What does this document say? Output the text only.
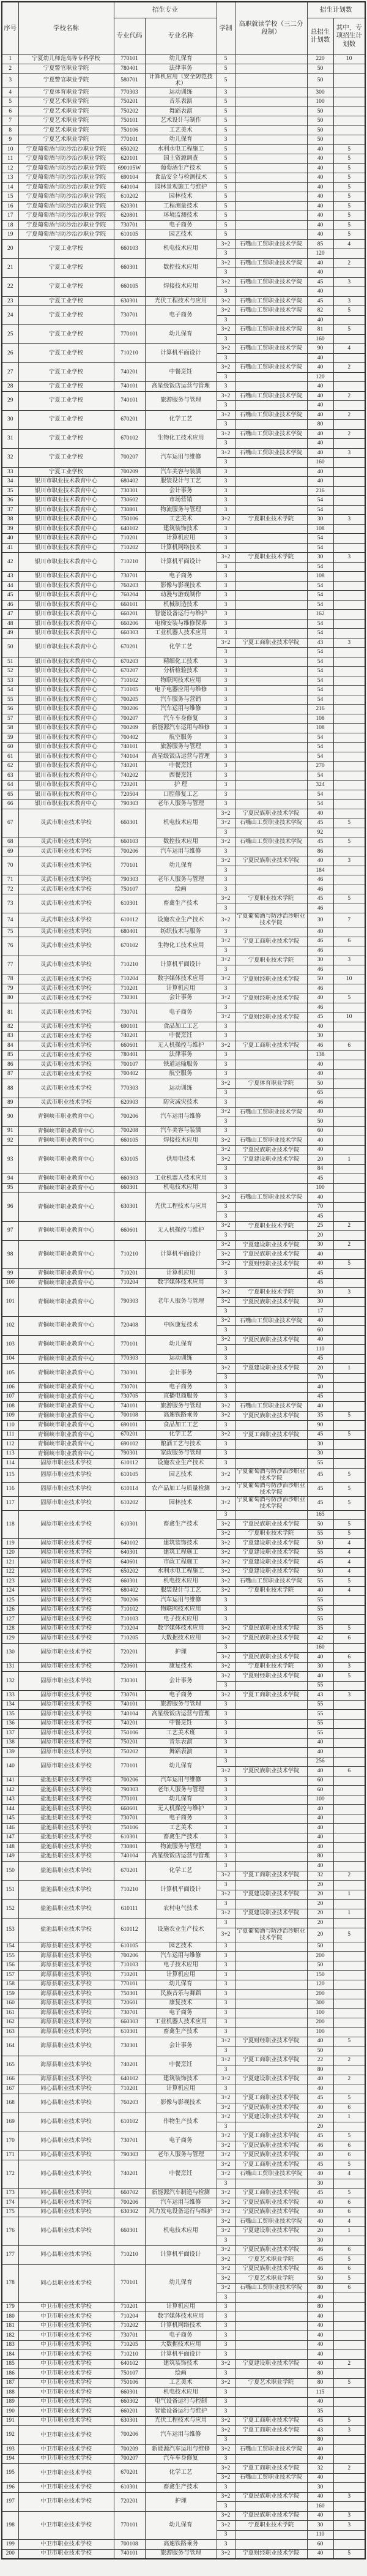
序号	学校名称	招生专业		学制	高职就读学校（三二分段制）	招生计划数	
		专业代码	专业名称			总招生计划数	其中，专项招生计划数
1	宁夏幼儿师范高等专科学校	770101	幼儿保育	5		220	10
2	宁夏警官职业学院	780401	法律事务	5		50	
3	宁夏警官职业学院	580701	计算机应用（安全防范技术）	5		50	
4	宁夏体育职业学院	770303	运动训练	3		300	
5	宁夏艺术职业学院	750201	音乐表演	5		100	
6	宁夏艺术职业学院	750202	舞蹈表演	5		50	
7	宁夏艺术职业学院	750101	艺术设计与制作	5		50	
8	宁夏艺术职业学院	750106	工艺美术	5		50	
9	宁夏艺术职业学院	770101	幼儿保育	3		50	
10	宁夏葡萄酒与防沙治沙职业学院	650202	水利水电工程施工	5		40	5
11	宁夏葡萄酒与防沙治沙职业学院	620101	国土资源调查	5		40	5
12	宁夏葡萄酒与防沙治沙职业学院	690105W	葡萄酒生产技术	5		40	5
13	宁夏葡萄酒与防沙治沙职业学院	690104	食品安全与检测技术	5		40	5
14	宁夏葡萄酒与防沙治沙职业学院	640104	园林景观施工与维护	5		40	5
15	宁夏葡萄酒与防沙治沙职业学院	610202	园林技术	5		40	5
16	宁夏葡萄酒与防沙治沙职业学院	620301	工程测量技术	5		40	5
17	宁夏葡萄酒与防沙治沙职业学院	620801	环境监测技术	5		40	5
18	宁夏葡萄酒与防沙治沙职业学院	730701	电子商务	5		40	5
19	宁夏葡萄酒与防沙治沙职业学院	610105	园艺技术	5		40	5
20	宁夏工业学校	660103	机电技术应用	3+2	石嘴山工贸职业技术学院	85	4
				3		120	
21	宁夏工业学校	660301	数控技术应用	3+2	石嘴山工贸职业技术学院	40	2
				3		40	
22	宁夏工业学校	660105	焊接技术应用	3+2	石嘴山工贸职业技术学院	45	3
				3		40	
23	宁夏工业学校	630301	光伏工程技术与应用	3+2	石嘴山工贸职业技术学院	45	3
24	宁夏工业学校	730701	电子商务	3+2	石嘴山工贸职业技术学院	82	5
				3		40	
25	宁夏工业学校	770101	幼儿保育	3+2	石嘴山工贸职业技术学院	81	5
				3		160	
26	宁夏工业学校	710210	计算机平面设计	3+2	石嘴山工贸职业技术学院	90	4
				3		40	
27	宁夏工业学校	740201	中餐烹饪	3+2	石嘴山工贸职业技术学院	40	2
				3		120	
28	宁夏工业学校	740101	高星级饭店运营与管理	3		40	
29	宁夏工业学校	740101	旅游服务与管理	3+2	石嘴山工贸职业技术学院	40	2
				3		40	
30	宁夏工业学校	670201	化学工艺	3+2	石嘴山工贸职业技术学院	40	2
				3		80	
31	宁夏工业学校	670102	生物化工技术应用	3+2	石嘴山工贸职业技术学院	40	2
				3		40	
32	宁夏工业学校	700207	汽车运用与维修	3+2	石嘴山工贸职业技术学院	40	3
				3		160	
33	宁夏工业学校	700209	汽车美容与装潢	3		40	
34	银川市职业技术教育中心	680402	服装设计与工艺	3		40	
35	银川市职业技术教育中心	730301	会计事务	3		216	
36	银川市职业技术教育中心	730602	市场营销	3		54	
37	银川市职业技术教育中心	730801	物流服务与管理	3		54	
38	银川市职业技术教育中心	750106	工艺美术	3+2	宁夏职业技术学院	30	3
39	银川市职业技术教育中心	640102	建筑装饰技术	3		108	
40	银川市职业技术教育中心	710201	计算机应用	3		54	
41	银川市职业技术教育中心	710202	计算机网络技术	3		54	
42	银川市职业技术教育中心	710210	计算机平面设计	3+2	宁夏职业技术学院	30	3
				3		54	
43	银川市职业技术教育中心	730701	电子商务	3		108	
44	银川市职业技术教育中心	760203	影像与影视技术	3		54	
45	银川市职业技术教育中心	760204	动漫与游戏制作	3		54	
46	银川市职业技术教育中心	660101	机械制造技术	3		54	
47	银川市职业技术教育中心	660201	智能设备运行与维护	3		162	
48	银川市职业技术教育中心	660206	电梯安装与维修保养	3		54	
49	银川市职业技术教育中心	660303	工业机器人技术应用	3		54	
50	银川市职业技术教育中心	670201	化学工艺	3+2	宁夏工商职业技术学院	43	3
				3		54	
51	银川市职业技术教育中心	670203	精细化工技术	3		54	
52	银川市职业技术教育中心	670207	分析检验技术	3		54	
53	银川市职业技术教育中心	710102	物联网技术应用	3		54	
54	银川市职业技术教育中心	710105	电子电器应用与维修	3		54	
55	银川市职业技术教育中心	700205	汽车服务与营销	3		54	
56	银川市职业技术教育中心	700206	汽车运用与维修	3		216	
57	银川市职业技术教育中心	700207	汽车车身修复	3		108	
58	银川市职业技术教育中心	700209	新能源汽车运用与维修	3		108	
59	银川市职业技术教育中心	700402	航空服务	3		54	
60	银川市职业技术教育中心	740101	旅游服务与管理	3		54	
61	银川市职业技术教育中心	740104	高星级饭店运营与管理	3		54	
62	银川市职业技术教育中心	740201	中餐烹饪	3		270	
63	银川市职业技术教育中心	740202	西餐烹饪	3		54	
64	银川市职业技术教育中心	720201	护 理	3		324	
65	银川市职业技术教育中心	720504	口腔修复工艺	3		54	
66	银川市职业技术教育中心	790303	老年人服务与管理	3		54	
67	灵武市职业技术学校	660301	机电技术应用	3+2	宁夏民族职业技术学院	40	
				3+2	石嘴山工贸职业技术学院	45	5
				3		92	
68	灵武市职业技术学校	660103	数控技术应用	3+2	石嘴山工贸职业技术学院	45	5
69	灵武市职业技术学校	700206	汽车运用与维修	3		86	
70	灵武市职业技术学校	770101	幼儿保育	3+2	宁夏民族职业技术学院	40	3
				3		184	
71	灵武市职业技术学校	790303	老年人服务与管理	3		46	
72	灵武市职业技术学校	750107	绘画	3		46	
73	灵武市职业技术学校	610301	畜禽生产技术	3+2	宁夏职业技术学院	45	5
				3		46	
74	灵武市职业技术学校	610112	设施农业生产技术	3+2	宁夏葡萄酒与防沙治沙职业技术学院	30	7
75	灵武市职业技术学校	680401	纺织技术与服务	3		40	
76	灵武市职业技术学校	670102	生物化工技术应用	3+2	宁夏工商职业技术学院	46	6
				3		46	
77	灵武市职业技术学校	710210	计算机平面设计	3+2	宁夏职业技术学院	30	3
				3		46	
78	灵武市职业技术学校	710204	数字媒体技术应用	3+2	宁夏财经职业技术学院	50	10
79	灵武市职业技术学校	710201	计算机应用	3		46	
80	灵武市职业技术学校	730301	会计事务	3+2	宁夏财经职业技术学院	40	5
81	灵武市职业技术学校	730701	电子商务	3		46	
				3+2	宁夏财经职业技术学院	45	10
82	灵武市职业技术学校	690101	食品加工工艺	3		40	
83	灵武市职业技术学校	740201	中餐烹饪	3		30	
84	灵武市职业技术学校	660601	无人机操控与维护	3+2	宁夏工商职业技术学院	46	6
85	灵武市职业技术学校	780401	法律事务	3		138	
86	灵武市职业技术学校	700107	铁道运输服务	3		40	
87	灵武市职业技术学校	700402	航空服务	3		40	
88	灵武市职业技术学校	770303	运动训练	3+2	宁夏体育职业学院	50	
				3		65	
89	灵武市职业技术学校	620903	防灾减灾技术	3		46	
90	青铜峡市职业教育中心	700206	汽车运用与维修	3+2	石嘴山工贸职业技术学院	40	
				3		50	
91	青铜峡市职业教育中心	700208	汽车美容与装潢	3		60	
92	青铜峡市职业教育中心	660105	焊接技术应用	3+2	石嘴山工贸职业技术学院	40	
93	青铜峡市职业教育中心	630105	供用电技术	3+2	宁夏民族职业技术学院	40	
				3+2	宁夏建设职业技术学院	20	1
				3		84	
94	青铜峡市职业教育中心	660303	工业机器人技术应用	3		45	
95	青铜峡市职业教育中心	660301	机电技术应用	3		100	
96	青铜峡市职业教育中心	630301	光伏工程技术与应用	3+2	石嘴山工贸职业技术学院	40	
				3		70	
				3		45	
97	青铜峡市职业教育中心	660601	无人机操控与维护	3+2	宁夏职业技术学院	25	2
				3		20	
98	青铜峡市职业教育中心	710210	计算机平面设计	3+2	宁夏建设职业技术学院	30	2
				3+2	宁夏民族职业技术学院	40	
				3+2	宁夏财经职业技术学院	40	5
99	青铜峡市职业教育中心	710201	计算机应用	3		45	
100	青铜峡市职业教育中心	710204	数字媒体技术应用	3		45	
101	青铜峡市职业教育中心	790303	老年人服务与管理	3+2	宁夏职业技术学院	30	3
				3+2	宁夏民族职业技术学院	30	
				3		17	
102	青铜峡市职业教育中心	720408	中医康复技术	3+2	石嘴山工贸职业技术学院	40	
				3		60	
103	青铜峡市职业教育中心	770101	幼儿保育	3+2	宁夏民族职业技术学院	40	
				3		110	
104	青铜峡市职业教育中心	770303	运动训练	3		45	
105	青铜峡市职业教育中心	730301	会计事务	3+2	宁夏建设职业技术学院	20	1
				3		70	
106	青铜峡市职业教育中心	730701	电子商务	3		40	
107	青铜峡市职业教育中心	730705	直播电商服务	3		45	
108	青铜峡市职业教育中心	740101	旅游服务与管理	3+2	石嘴山工贸职业技术学院	40	
109	青铜峡市职业教育中心	700108	高速铁路乘务	3+2	宁夏民族职业技术学院	35	5
110	青铜峡市职业教育中心	690101	食品加工工艺	3		90	
111	青铜峡市职业教育中心	670201	化学工艺	3+2	宁夏工商职业技术学院	45	5
112	青铜峡市职业教育中心	690102	酿酒工艺与技术	3		30	
113	青铜峡市职业教育中心	790301	家政服务与管理	3		30	
114	固原市职业技术学校	610112	设施农业生产技术	3		55	
115	固原市职业技术学校	610105	园艺技术	3+2	宁夏葡萄酒与防沙治沙职业技术学院	45	5
116	固原市职业技术学校	610114	农产品加工与质量检测	3+2	宁夏葡萄酒与防沙治沙职业技术学院	45	5
117	固原市职业技术学校	610202	园林技术	3+2	宁夏葡萄酒与防沙治沙职业技术学院	45	5
118	固原市职业技术学校	610301	畜禽生产技术	3		165	
				3+2	宁夏民族职业技术学院	50	5
				3+2	宁夏职业技术学院	55	5
119	固原市职业技术学校	640102	建筑装饰技术	3+2	宁夏建设职业技术学院	50	4
120	固原市职业技术学校	640301	建筑工程施工	3+2	宁夏建设职业技术学院	55	4
121	固原市职业技术学校	640601	市政工程施工	3+2	宁夏建设职业技术学院	45	4
122	固原市职业技术学校	650202	水利水电工程施工	3+2	宁夏建设职业技术学院	50	4
123	固原市职业技术学校	660301	机电技术应用	3+2	石嘴山工贸职业技术学院	55	5
124	固原市职业技术学校	680402	服装设计与工艺	3+2	宁夏职业技术学院	40	4
125	固原市职业技术学校	700206	汽车运用与维修	3		55	
126	固原市职业技术学校	710102	物联网技术应用	3		55	
127	固原市职业技术学校	710103	电子技术应用	3		55	
128	固原市职业技术学校	710204	数字媒体技术应用	3+2	宁夏民族职业技术学院	35	5
129	固原市职业技术学校	710205	大数据技术应用	3+2	宁夏民族职业技术学院	42	6
130	固原市职业技术学校	720201	护理	3		160	
				3+2	宁夏民族职业技术学院	40	6
131	固原市职业技术学校	720601	康复技术	3+2	宁夏职业技术学院	30	3
132	固原市职业技术学校	730301	会计事务	3+2	宁夏财经职业技术学院	40	5
				3		55	
133	固原市职业技术学校	730701	电子商务	3+2	宁夏工商职业技术学院	43	3
134	固原市职业技术学校	740101	旅游服务与管理	3		55	
135	固原市职业技术学校	740104	高星级饭店运营与管理	3		55	
136	固原市职业技术学校	740201	中餐烹饪	3		55	
137	固原市职业技术学校	750106	工艺美术班	3		55	
138	固原市职业技术学校	750201	音乐表演	3		40	
139	固原市职业技术学校	750202	舞蹈表演	3		40	
140	固原市职业技术学校	770101	幼儿保育	3		256	
				3+2	宁夏民族职业技术学院	40	6
141	盐池县职业技术学校	700206	汽车运用与维修	3		60	
142	盐池县职业技术学校	790303	老年人服务与管理	3		60	
143	盐池县职业技术学校	770101	幼儿保育	3		100	
144	盐池县职业技术学校	660601	无人机操控与维护	3		40	
145	盐池县职业技术学校	730701	电子商务	3		40	
146	盐池县职业技术学校	750106	工艺美术	3		40	
147	盐池县职业技术学校	610301	畜禽生产技术	3		40	
148	盐池县职业技术学校	730801	物流服务与管理	3		40	
149	盐池县职业技术学校	740104	高星级饭店运营与管理	3		80	
150	盐池县职业技术学校	670201	化学工艺	3		40	
				3+2	宁夏工商职业技术学院	32	2
151	盐池县职业技术学校	710210	计算机平面设计	3		20	
				3+2	宁夏建设职业技术学院	20	1
152	盐池县职业技术学校	610111	农村电气技术	3		20	
				3+2	宁夏建设职业技术学院	20	1
153	盐池县职业技术学校	610112	设施农业生产技术	3		20	
				3+2	宁夏葡萄酒与防沙治沙职业技术学院	20	5
154	海原县职业技术学校	610105	园艺技术	3		50	
155	海原县职业技术学校	700206	汽车运用与维修	3		200	
156	海原县职业技术学校	710103	电子技术应用	3		50	
157	海原县职业技术学校	710201	计算机应用	3		150	
158	海原县职业技术学校	770101	幼儿保育	3		120	
159	海原县职业技术学校	750301	民族音乐与舞蹈	3		200	
160	海原县职业技术学校	720601	康复技术	3		300	
161	海原县职业技术学校	730701	电子商务	3		100	
162	海原县职业技术学校	660303	工业机器人技术应用	3		200	
163	海原县职业技术学校	610301	畜禽生产技术	3		100	
164	海原县职业技术学校	730301	会计事务	3+2	宁夏财经职业技术学院	40	5
				3		50	
165	海原县职业技术学校	740201	中餐烹饪	3+2	宁夏工商职业技术学院	22	2
				3		80	
166	海原县职业技术学校	640102	建筑装饰技术	3+2	宁夏建设职业技术学院	40	2
167	同心县职业技术学校	710201	计算机应用	3		40	
168	同心县职业技术学校	760203	影像与影视技术	3+2	宁夏工商职业技术学院	45	5
				3+2	宁夏民族职业技术学院	40	6
169	同心县职业技术学校	610102	作物生产技术	3+2	宁夏建设职业技术学院	20	1
				3		20	
170	同心县职业技术学校	730701	电子商务	3+2	宁夏工商职业技术学院	45	5
				3+2	宁夏民族职业技术学院	46	6
171	同心县职业技术学校	790303	老年人服务与管理	3+2	宁夏民族职业技术学院	40	6
172	同心县职业技术学校	740201	中餐烹饪	3+2	宁夏工商职业技术学院	45	5
				3+2	石嘴山工贸职业技术学院	40	4
				3		30	
173	同心县职业技术学校	660702	新能源汽车制造与检测	3+2	宁夏工商职业技术学院	45	5
174	同心县职业技术学校	700206	汽车运用与维修	3+2	宁夏民族职业技术学院	40	6
175	同心县职业技术学校	630302	风力发电设备运行与维护	3+2	宁夏民族职业技术学院	40	6
176	同心县职业技术学校	660301	机电技术应用	3+2	石嘴山工贸职业技术学院	40	4
				3+2	宁夏建设职业技术学院	20	1
				3		30	
177	同心县职业技术学校	710210	计算机平面设计	3+2	宁夏民族职业技术学院	46	6
				3+2	宁夏艺术职业学院	45	5
178	同心县职业技术学校	770101	幼儿保育	3+2	宁夏民族职业技术学院	46	6
				3+2	宁夏艺术职业学院	50	5
				3+2	石嘴山工贸职业技术学院	80	6
				3		40	
179	中卫市职业技术学校	710201	计算机应用	3		80	
180	中卫市职业技术学校	710204	数字媒体技术应用	3		40	
181	中卫市职业技术学校	710202	计算机网络技术	3		40	
182	中卫市职业技术学校	730701	电子商务	3		40	
183	中卫市职业技术学校	710205	大数据技术应用	3		40	
184	中卫市职业技术学校	710210	计算机平面设计	3		40	
185	中卫市职业技术学校	640102	建筑装饰技术	3+2	宁夏建设职业技术学院	40	2
186	中卫市职业技术学校	750107	绘画	3		80	
187	中卫市职业技术学校	750106	工艺美术	3+2	宁夏艺术职业学院	80	5
188	中卫市职业技术学校	660301	机电技术应用	3		115	
189	中卫市职业技术学校	660302	电气设备运行与控制	3		40	
190	中卫市职业技术学校	660201	智能设备运行与维护	3		35	
191	中卫市职业技术学校	630301	光伏工程技术与应用	3+2	宁夏工商职业技术学院	45	5
192	中卫市职业技术学校	700206	汽车运用与维修	3+2	宁夏工商职业技术学院	43	3
				3		80	
193	中卫市职业技术学校	700209	新能源汽车运用与维修	3+2	石嘴山工贸职业技术学院	40	
194	中卫市职业技术学校	700207	汽车车身修复	3		40	
195	中卫市职业技术学校	670201	化学工艺	3+2	宁夏工商职业技术学院	32	2
				3+2	石嘴山工贸职业技术学院	40	
196	中卫市职业技术学校	610301	畜禽生产技术	3		30	
197	中卫市职业技术学校	720201	护理	3+2	宁夏民族职业技术学院	40	3
				3		160	
198	中卫市职业技术学校	770101	幼儿保育	3+2	宁夏民族职业技术学院	40	3
				3+2	宁夏职业技术学院	30	3
				3		110	
199	中卫市职业技术学校	700108	高速铁路乘务	3		60	
200	中卫市职业技术学校	740101	旅游服务与管理	3+2	宁夏财经职业技术学院	40	5
